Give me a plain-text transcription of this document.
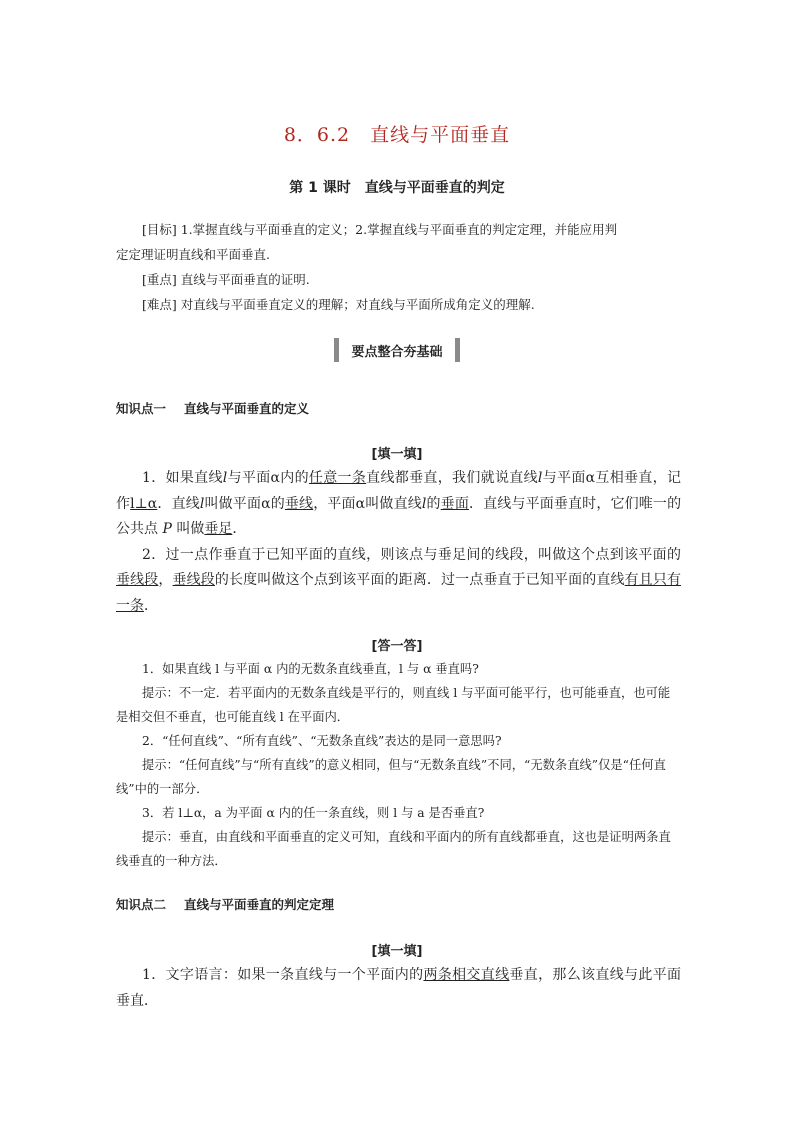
8．6.2　直线与平面垂直
第 1 课时　直线与平面垂直的判定

[目标] 1.掌握直线与平面垂直的定义；2.掌握直线与平面垂直的判定定理，并能应用判

定定理证明直线和平面垂直.

[重点] 直线与平面垂直的证明.

[难点] 对直线与平面垂直定义的理解；对直线与平面所成角定义的理解.

要点整合夯基础
知识点一 直线与平面垂直的定义
[填一填]

1．如果直线l与平面α内的任意一条直线都垂直，我们就说直线l与平面α互相垂直，记作l⊥α．直线l叫做平面α的垂线，平面α叫做直线l的垂面．直线与平面垂直时，它们唯一的公共点 P 叫做垂足．

2．过一点作垂直于已知平面的直线，则该点与垂足间的线段，叫做这个点到该平面的垂线段，垂线段的长度叫做这个点到该平面的距离．过一点垂直于已知平面的直线有且只有一条．

[答一答]

1．如果直线 l 与平面 α 内的无数条直线垂直，l 与 α 垂直吗?

提示：不一定．若平面内的无数条直线是平行的，则直线 l 与平面可能平行，也可能垂直，也可能是相交但不垂直，也可能直线 l 在平面内．

2．“任何直线”、“所有直线”、“无数条直线”表达的是同一意思吗?

提示：“任何直线”与“所有直线”的意义相同，但与“无数条直线”不同，“无数条直线”仅是“任何直线”中的一部分．

3．若 l⊥α，a 为平面 α 内的任一条直线，则 l 与 a 是否垂直?

提示：垂直，由直线和平面垂直的定义可知，直线和平面内的所有直线都垂直，这也是证明两条直线垂直的一种方法．

知识点二 直线与平面垂直的判定定理
[填一填]

1．文字语言：如果一条直线与一个平面内的两条相交直线垂直，那么该直线与此平面垂直．
